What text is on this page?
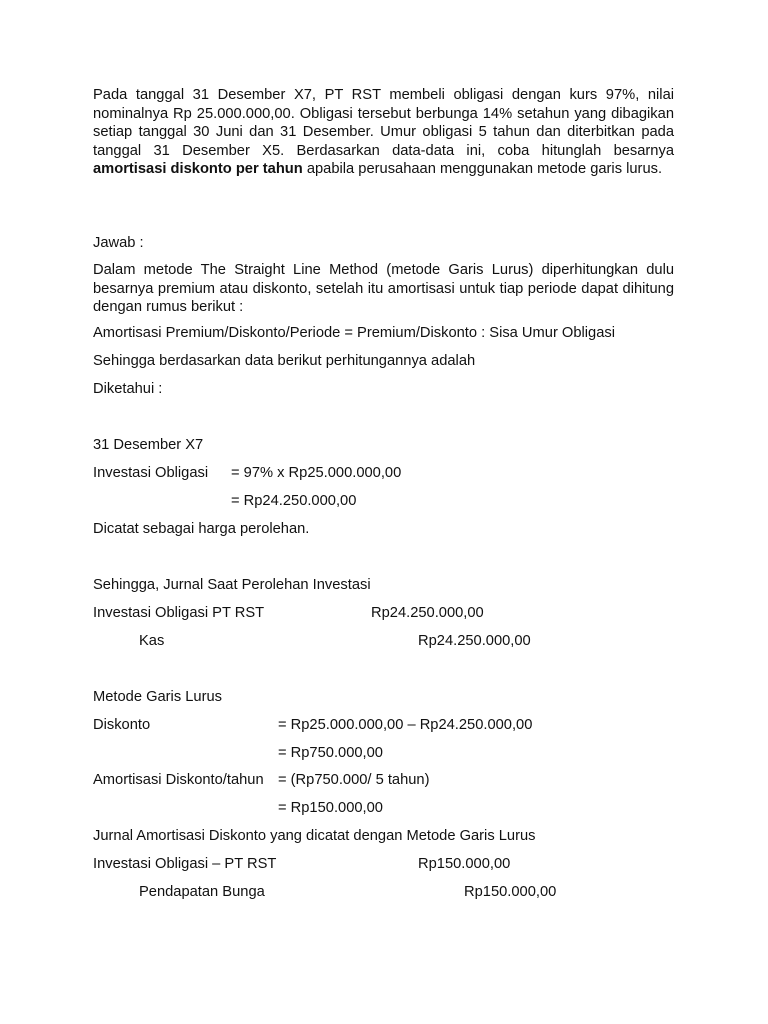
Pada tanggal 31 Desember X7, PT RST membeli obligasi dengan kurs 97%, nilai nominalnya Rp 25.000.000,00. Obligasi tersebut berbunga 14% setahun yang dibagikan setiap tanggal 30 Juni dan 31 Desember. Umur obligasi 5 tahun dan diterbitkan pada tanggal 31 Desember X5. Berdasarkan data-data ini, coba hitunglah besarnya amortisasi diskonto per tahun apabila perusahaan menggunakan metode garis lurus.

Jawab :

Dalam metode The Straight Line Method (metode Garis Lurus) diperhitungkan dulu besarnya premium atau diskonto, setelah itu amortisasi untuk tiap periode dapat dihitung dengan rumus berikut :

Amortisasi Premium/Diskonto/Periode = Premium/Diskonto : Sisa Umur Obligasi

Sehingga berdasarkan data berikut perhitungannya adalah

Diketahui :

31 Desember X7

Investasi Obligasi = 97% x Rp25.000.000,00
= Rp24.250.000,00

Dicatat sebagai harga perolehan.

Sehingga, Jurnal Saat Perolehan Investasi

Investasi Obligasi PT RST	Rp24.250.000,00
Kas	Rp24.250.000,00

Metode Garis Lurus

Diskonto	= Rp25.000.000,00 – Rp24.250.000,00
= Rp750.000,00
Amortisasi Diskonto/tahun = (Rp750.000/ 5 tahun)
= Rp150.000,00

Jurnal Amortisasi Diskonto yang dicatat dengan Metode Garis Lurus

Investasi Obligasi – PT RST	Rp150.000,00
Pendapatan Bunga	Rp150.000,00
